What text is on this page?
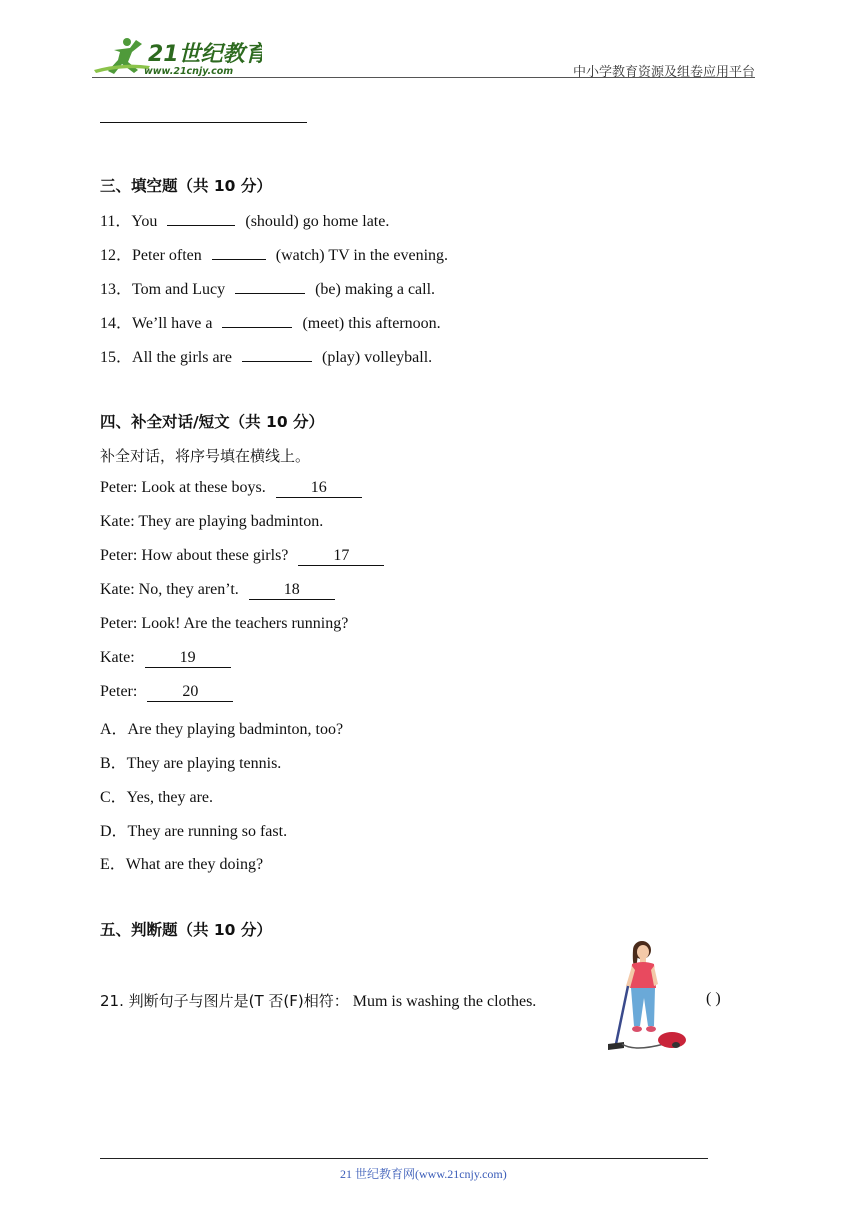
21世纪教育
www.21cnjy.com	中小学教育资源及组卷应用平台
三、填空题（共 10 分）
11．You	(should) go home late.
12．Peter often	(watch) TV in the evening.
13．Tom and Lucy	(be) making a call.
14．We’ll have a	(meet) this afternoon.
15．All the girls are	(play) volleyball.
四、补全对话/短文（共 10 分）
补全对话，将序号填在横线上。
Peter: Look at these boys.	16
Kate: They are playing badminton.
Peter: How about these girls?	17
Kate: No, they aren’t.	18
Peter: Look! Are the teachers running?
Kate:	19
Peter:	20
A．Are they playing badminton, too?
B．They are playing tennis.
C．Yes, they are.
D．They are running so fast.
E．What are they doing?
五、判断题（共 10 分）
21. 判断句子与图片是(T 否(F)相符： Mum is washing the clothes.	( )
21 世纪教育网(www.21cnjy.com)
